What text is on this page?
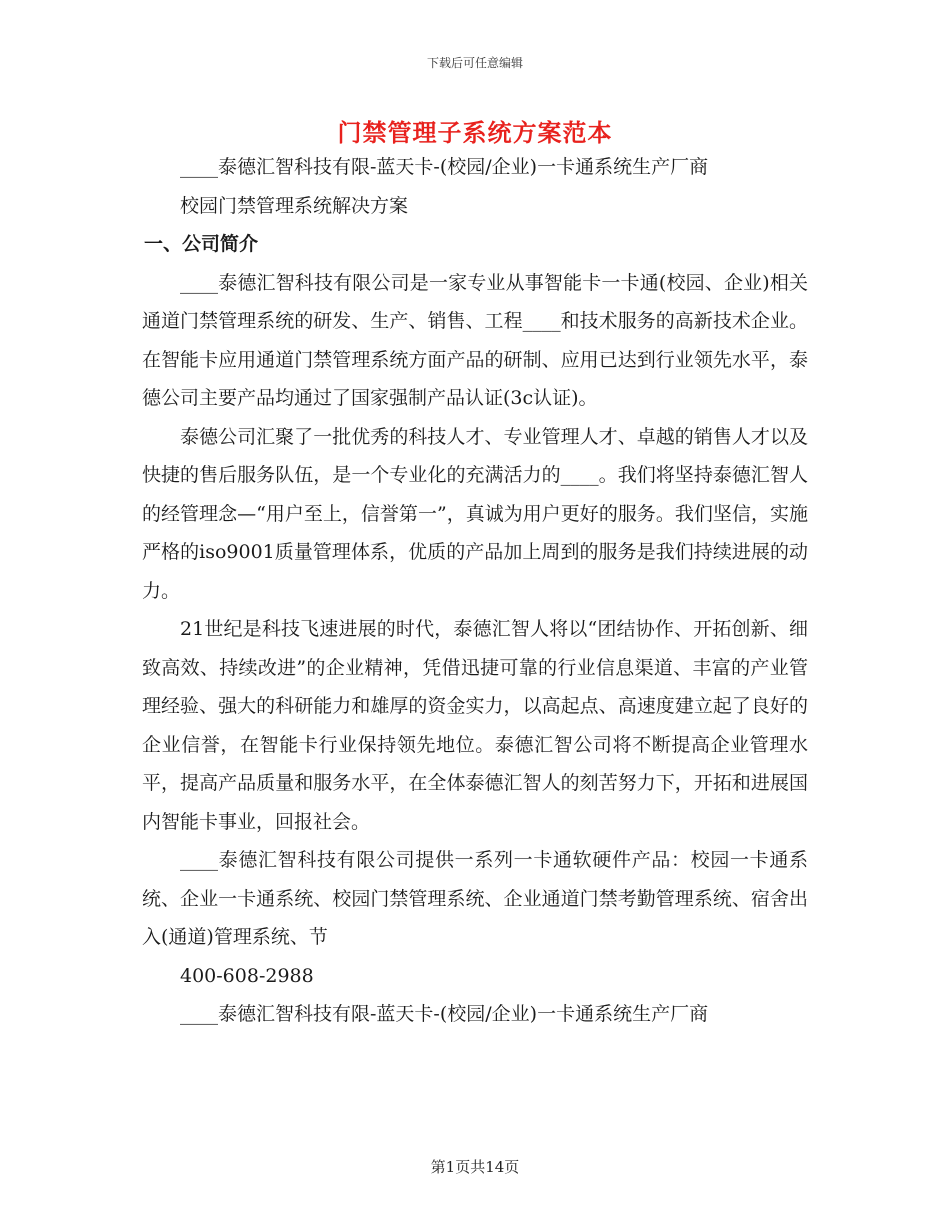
下载后可任意编辑
门禁管理子系统方案范本

____泰德汇智科技有限-蓝天卡-(校园/企业)一卡通系统生产厂商

校园门禁管理系统解决方案

一、公司简介

____泰德汇智科技有限公司是一家专业从事智能卡一卡通(校园、企业)相关通道门禁管理系统的研发、生产、销售、工程____和技术服务的高新技术企业。在智能卡应用通道门禁管理系统方面产品的研制、应用已达到行业领先水平，泰德公司主要产品均通过了国家强制产品认证(3c认证)。

泰德公司汇聚了一批优秀的科技人才、专业管理人才、卓越的销售人才以及快捷的售后服务队伍，是一个专业化的充满活力的____。我们将坚持泰德汇智人的经管理念—“用户至上，信誉第一”，真诚为用户更好的服务。我们坚信，实施严格的iso9001质量管理体系，优质的产品加上周到的服务是我们持续进展的动力。

21世纪是科技飞速进展的时代，泰德汇智人将以“团结协作、开拓创新、细致高效、持续改进”的企业精神，凭借迅捷可靠的行业信息渠道、丰富的产业管理经验、强大的科研能力和雄厚的资金实力，以高起点、高速度建立起了良好的企业信誉，在智能卡行业保持领先地位。泰德汇智公司将不断提高企业管理水平，提高产品质量和服务水平，在全体泰德汇智人的刻苦努力下，开拓和进展国内智能卡事业，回报社会。

____泰德汇智科技有限公司提供一系列一卡通软硬件产品：校园一卡通系统、企业一卡通系统、校园门禁管理系统、企业通道门禁考勤管理系统、宿舍出入(通道)管理系统、节

400-608-2988

____泰德汇智科技有限-蓝天卡-(校园/企业)一卡通系统生产厂商

第1页共14页
